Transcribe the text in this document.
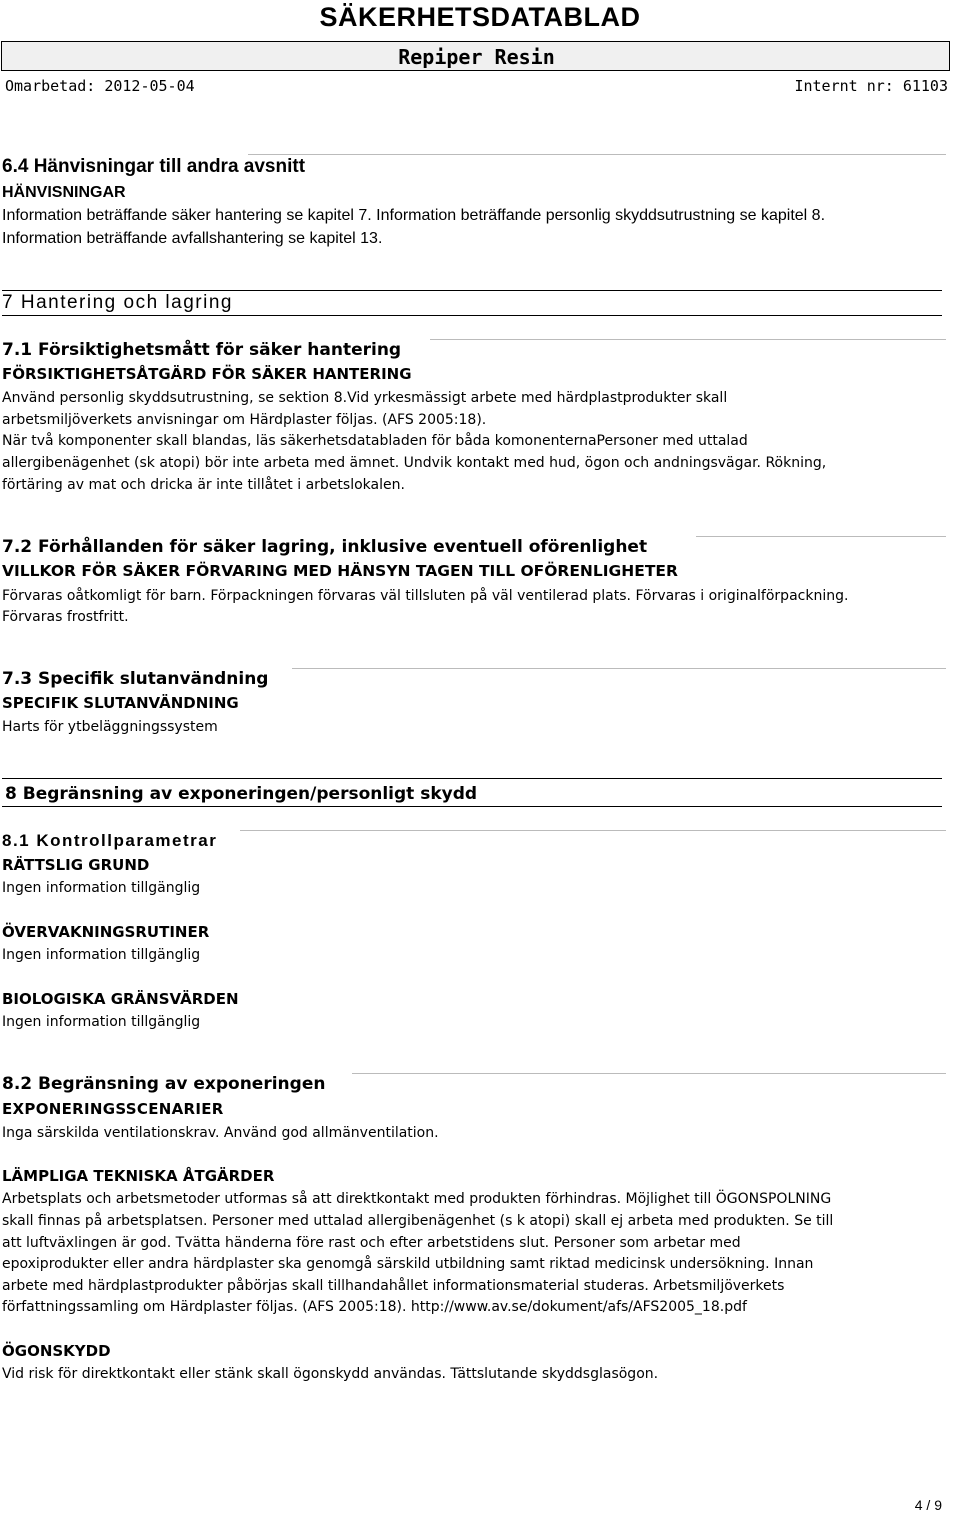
SÄKERHETSDATABLAD
Repiper Resin
Omarbetad: 2012-05-04	Internt nr: 61103
6.4 Hänvisningar till andra avsnitt
HÄNVISNINGAR
Information beträffande säker hantering se kapitel 7. Information beträffande personlig skyddsutrustning se kapitel 8.
Information beträffande avfallshantering se kapitel 13.
7 Hantering och lagring
7.1 Försiktighetsmått för säker hantering
FÖRSIKTIGHETSÅTGÄRD FÖR SÄKER HANTERING
Använd personlig skyddsutrustning, se sektion 8.Vid yrkesmässigt arbete med härdplastprodukter skall
arbetsmiljöverkets anvisningar om Härdplaster följas. (AFS 2005:18).
När två komponenter skall blandas, läs säkerhetsdatabladen för båda komonenternaPersoner med uttalad
allergibenägenhet (sk atopi) bör inte arbeta med ämnet. Undvik kontakt med hud, ögon och andningsvägar. Rökning,
förtäring av mat och dricka är inte tillåtet i arbetslokalen.
7.2 Förhållanden för säker lagring, inklusive eventuell oförenlighet
VILLKOR FÖR SÄKER FÖRVARING MED HÄNSYN TAGEN TILL OFÖRENLIGHETER
Förvaras oåtkomligt för barn. Förpackningen förvaras väl tillsluten på väl ventilerad plats. Förvaras i originalförpackning.
Förvaras frostfritt.
7.3 Specifik slutanvändning
SPECIFIK SLUTANVÄNDNING
Harts för ytbeläggningssystem
8 Begränsning av exponeringen/personligt skydd
8.1 Kontrollparametrar
RÄTTSLIG GRUND
Ingen information tillgänglig
ÖVERVAKNINGSRUTINER
Ingen information tillgänglig
BIOLOGISKA GRÄNSVÄRDEN
Ingen information tillgänglig
8.2 Begränsning av exponeringen
EXPONERINGSSCENARIER
Inga särskilda ventilationskrav. Använd god allmänventilation.
LÄMPLIGA TEKNISKA ÅTGÄRDER
Arbetsplats och arbetsmetoder utformas så att direktkontakt med produkten förhindras. Möjlighet till ÖGONSPOLNING
skall finnas på arbetsplatsen. Personer med uttalad allergibenägenhet (s k atopi) skall ej arbeta med produkten. Se till
att luftväxlingen är god. Tvätta händerna före rast och efter arbetstidens slut. Personer som arbetar med
epoxiprodukter eller andra härdplaster ska genomgå särskild utbildning samt riktad medicinsk undersökning. Innan
arbete med härdplastprodukter påbörjas skall tillhandahållet informationsmaterial studeras. Arbetsmiljöverkets
författningssamling om Härdplaster följas. (AFS 2005:18). http://www.av.se/dokument/afs/AFS2005_18.pdf
ÖGONSKYDD
Vid risk för direktkontakt eller stänk skall ögonskydd användas. Tättslutande skyddsglasögon.
4 / 9
